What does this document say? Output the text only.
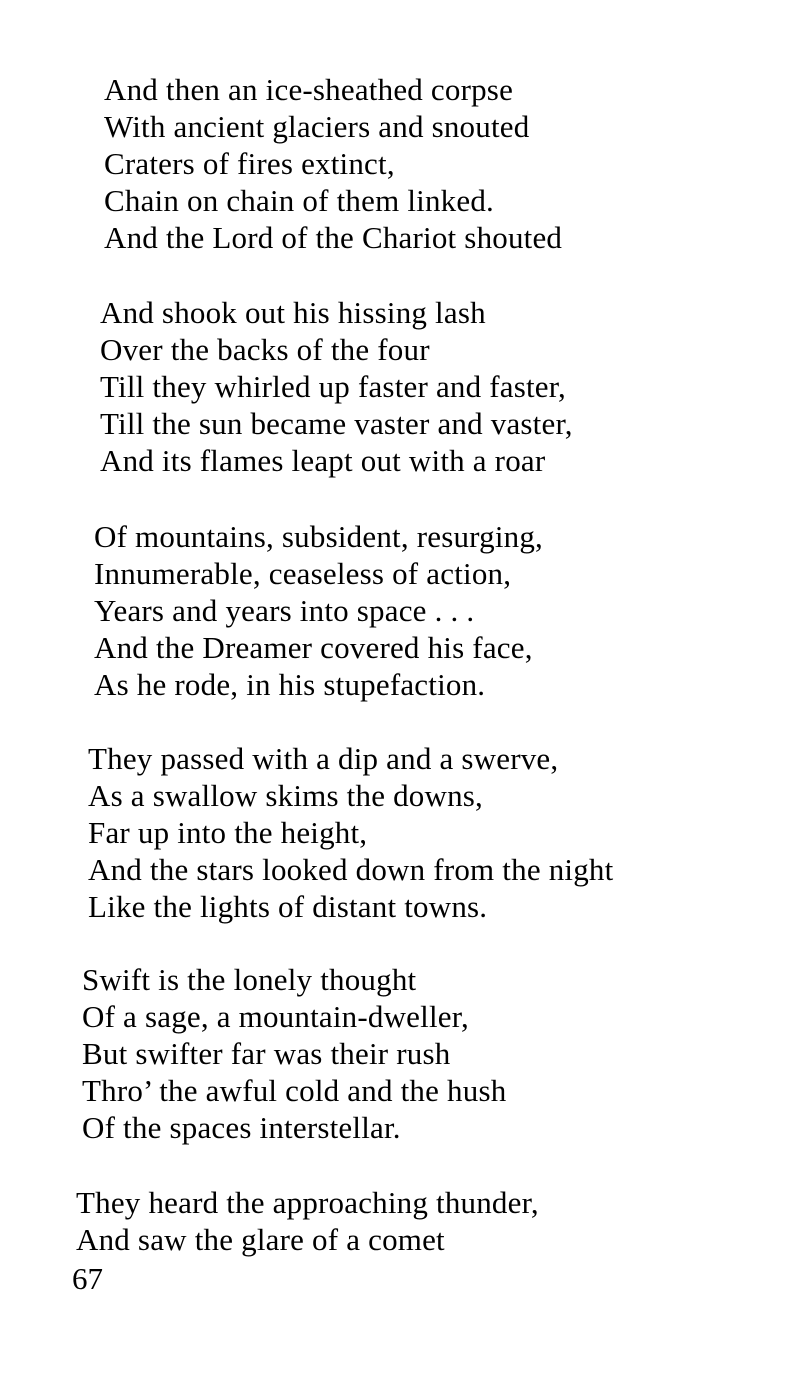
And then an ice-sheathed corpse
With ancient glaciers and snouted
Craters of fires extinct,
Chain on chain of them linked.
And the Lord of the Chariot shouted
And shook out his hissing lash
Over the backs of the four
Till they whirled up faster and faster,
Till the sun became vaster and vaster,
And its flames leapt out with a roar
Of mountains, subsident, resurging,
Innumerable, ceaseless of action,
Years and years into space . . .
And the Dreamer covered his face,
As he rode, in his stupefaction.
They passed with a dip and a swerve,
As a swallow skims the downs,
Far up into the height,
And the stars looked down from the night
Like the lights of distant towns.
Swift is the lonely thought
Of a sage, a mountain-dweller,
But swifter far was their rush
Thro’ the awful cold and the hush
Of the spaces interstellar.
They heard the approaching thunder,
And saw the glare of a comet
67
